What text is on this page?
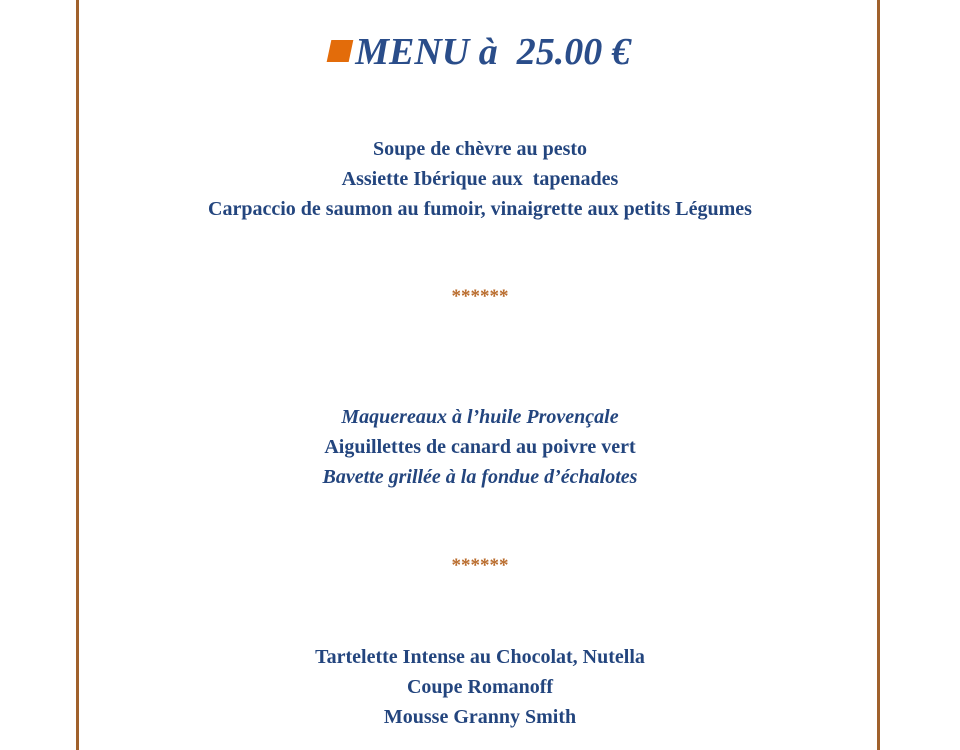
MENU à  25.00 €
Soupe de chèvre au pesto
Assiette Ibérique aux  tapenades
Carpaccio de saumon au fumoir, vinaigrette aux petits Légumes
******
Maquereaux à l’huile Provençale
Aiguillettes de canard au poivre vert
Bavette grillée à la fondue d’échalotes
******
Tartelette Intense au Chocolat, Nutella
Coupe Romanoff
Mousse Granny Smith
